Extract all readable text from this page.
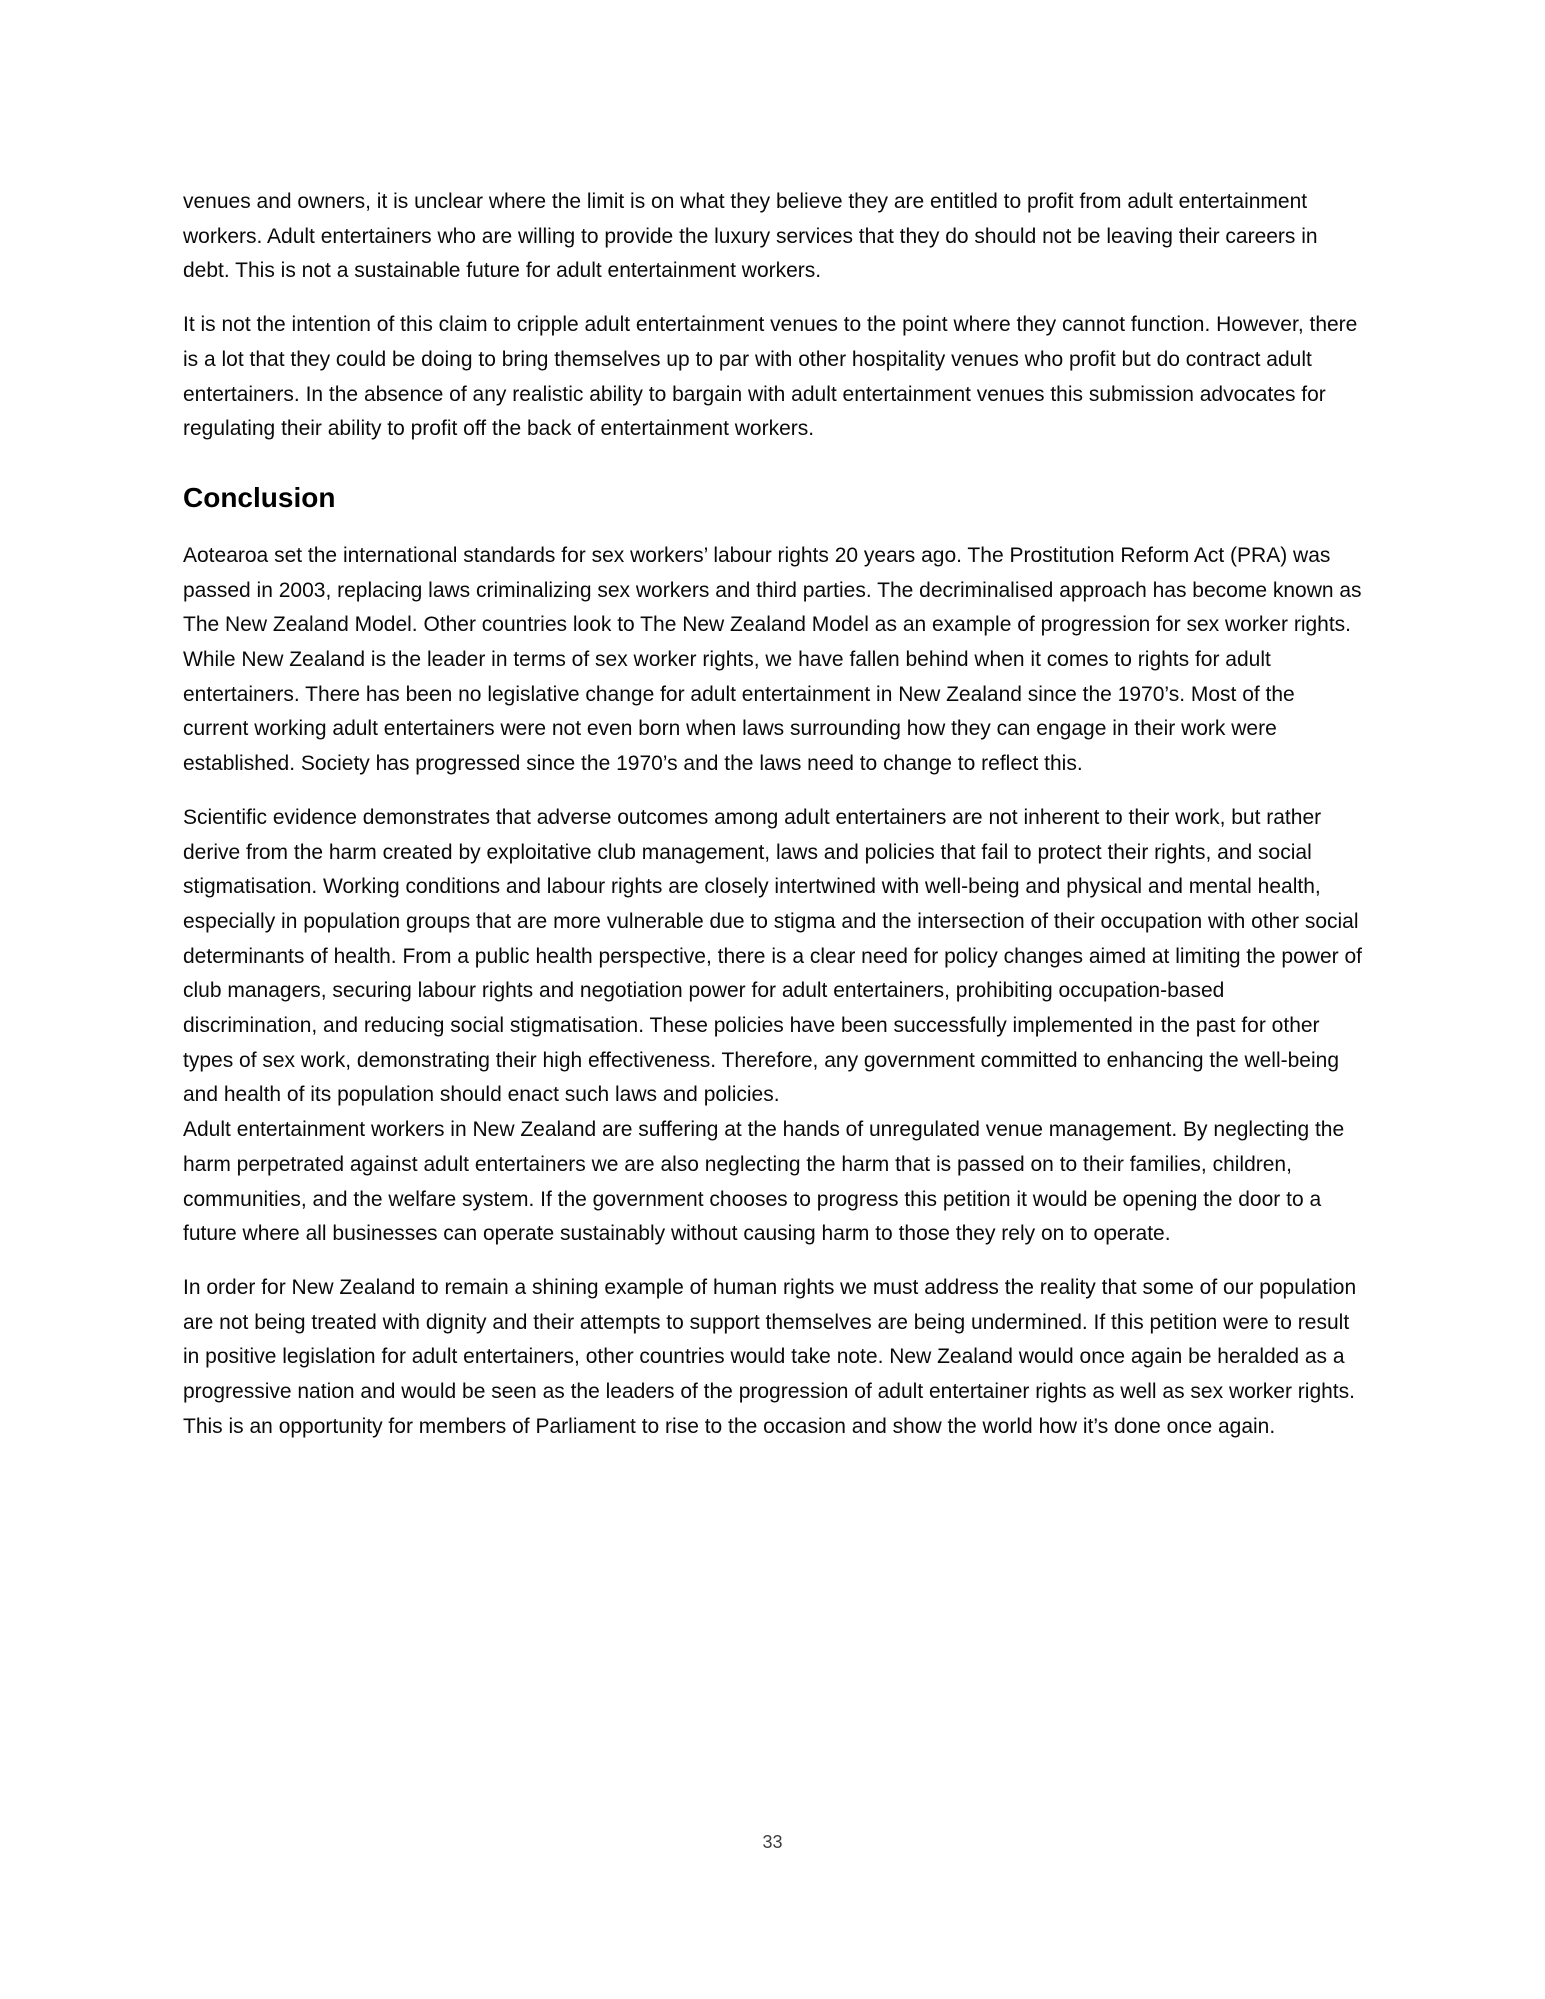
venues and owners, it is unclear where the limit is on what they believe they are entitled to profit from adult entertainment workers. Adult entertainers who are willing to provide the luxury services that they do should not be leaving their careers in debt. This is not a sustainable future for adult entertainment workers.

It is not the intention of this claim to cripple adult entertainment venues to the point where they cannot function. However, there is a lot that they could be doing to bring themselves up to par with other hospitality venues who profit but do contract adult entertainers. In the absence of any realistic ability to bargain with adult entertainment venues this submission advocates for regulating their ability to profit off the back of entertainment workers.

Conclusion

Aotearoa set the international standards for sex workers’ labour rights 20 years ago. The Prostitution Reform Act (PRA) was passed in 2003, replacing laws criminalizing sex workers and third parties. The decriminalised approach has become known as The New Zealand Model. Other countries look to The New Zealand Model as an example of progression for sex worker rights. While New Zealand is the leader in terms of sex worker rights, we have fallen behind when it comes to rights for adult entertainers. There has been no legislative change for adult entertainment in New Zealand since the 1970’s. Most of the current working adult entertainers were not even born when laws surrounding how they can engage in their work were established. Society has progressed since the 1970’s and the laws need to change to reflect this.

Scientific evidence demonstrates that adverse outcomes among adult entertainers are not inherent to their work, but rather derive from the harm created by exploitative club management, laws and policies that fail to protect their rights, and social stigmatisation. Working conditions and labour rights are closely intertwined with well-being and physical and mental health, especially in population groups that are more vulnerable due to stigma and the intersection of their occupation with other social determinants of health. From a public health perspective, there is a clear need for policy changes aimed at limiting the power of club managers, securing labour rights and negotiation power for adult entertainers, prohibiting occupation-based discrimination, and reducing social stigmatisation. These policies have been successfully implemented in the past for other types of sex work, demonstrating their high effectiveness. Therefore, any government committed to enhancing the well-being and health of its population should enact such laws and policies.

Adult entertainment workers in New Zealand are suffering at the hands of unregulated venue management. By neglecting the harm perpetrated against adult entertainers we are also neglecting the harm that is passed on to their families, children, communities, and the welfare system. If the government chooses to progress this petition it would be opening the door to a future where all businesses can operate sustainably without causing harm to those they rely on to operate.

In order for New Zealand to remain a shining example of human rights we must address the reality that some of our population are not being treated with dignity and their attempts to support themselves are being undermined. If this petition were to result in positive legislation for adult entertainers, other countries would take note. New Zealand would once again be heralded as a progressive nation and would be seen as the leaders of the progression of adult entertainer rights as well as sex worker rights. This is an opportunity for members of Parliament to rise to the occasion and show the world how it’s done once again.

33
